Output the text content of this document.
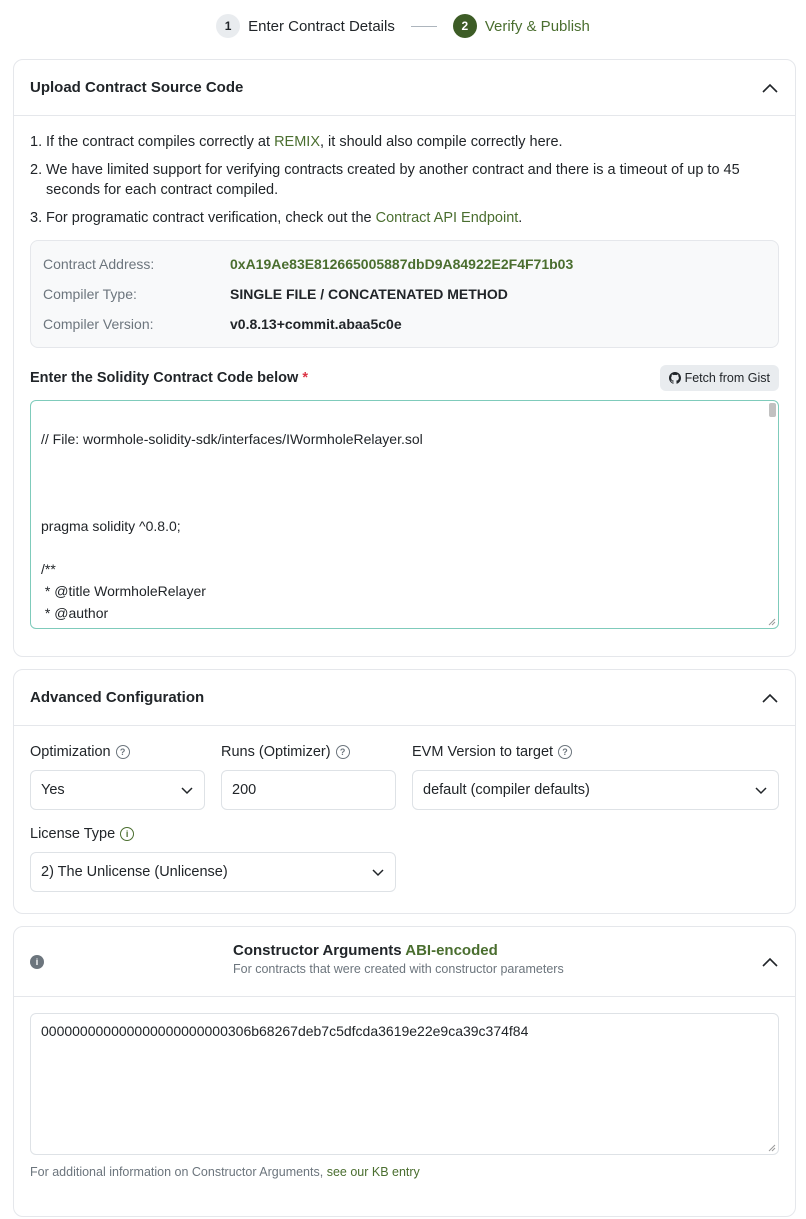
1	Enter Contract Details	2	Verify & Publish
Upload Contract Source Code
1. If the contract compiles correctly at REMIX, it should also compile correctly here.
2. We have limited support for verifying contracts created by another contract and there is a timeout of up to 45 seconds for each contract compiled.
3. For programatic contract verification, check out the Contract API Endpoint.
Contract Address:	0xA19Ae83E812665005887dbD9A84922E2F4F71b03
Compiler Type:	SINGLE FILE / CONCATENATED METHOD
Compiler Version:	v0.8.13+commit.abaa5c0e
Enter the Solidity Contract Code below *	Fetch from Gist
// File: wormhole-solidity-sdk/interfaces/IWormholeRelayer.sol
pragma solidity ^0.8.0;
/**
* @title WormholeRelayer
* @author
Advanced Configuration
Optimization	?
Yes
Runs (Optimizer)	?
200
EVM Version to target	?
default (compiler defaults)
License Type	i
2) The Unlicense (Unlicense)
i
Constructor Arguments ABI-encoded
For contracts that were created with constructor parameters
000000000000000000000000306b68267deb7c5dfcda3619e22e9ca39c374f84
For additional information on Constructor Arguments, see our KB entry
